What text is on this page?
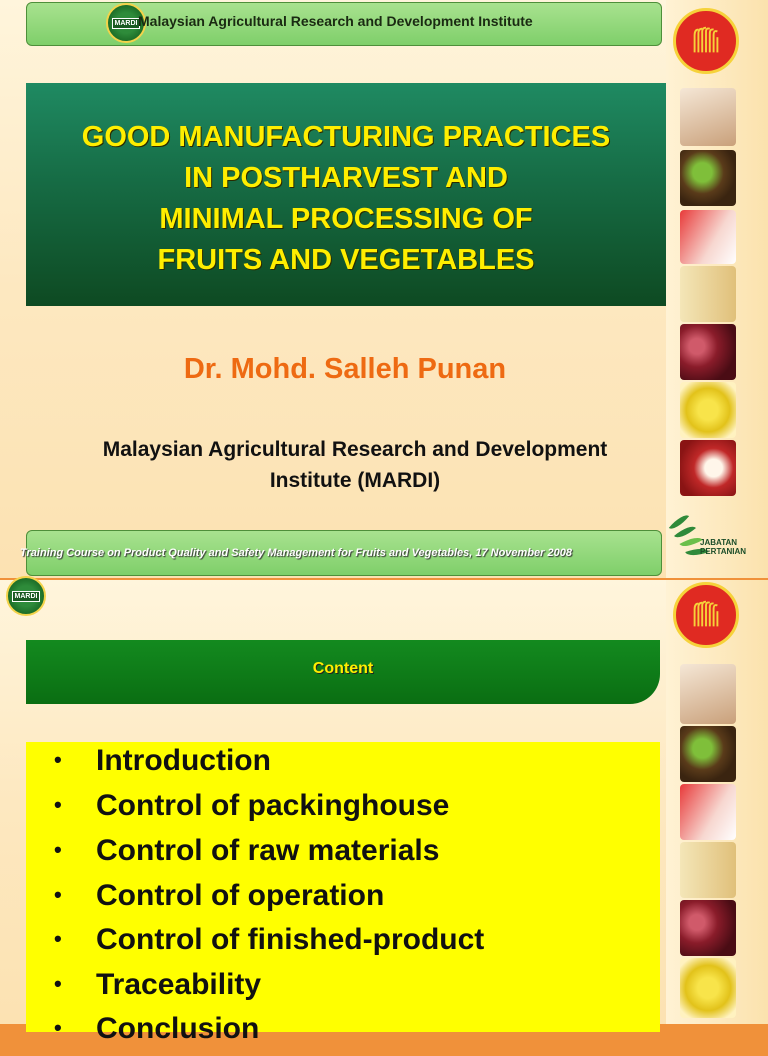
MARDI Malaysian Agricultural Research and Development Institute
GOOD MANUFACTURING PRACTICES
IN POSTHARVEST AND
MINIMAL PROCESSING OF
FRUITS AND VEGETABLES
Dr. Mohd. Salleh Punan
Malaysian Agricultural Research and Development
Institute (MARDI)
Training Course on Product Quality and Safety Management for Fruits and Vegetables, 17 November 2008
JABATAN
PERTANIAN
MARDI
Content
• Introduction
• Control of packinghouse
• Control of raw materials
• Control of operation
• Control of finished-product
• Traceability
• Conclusion
